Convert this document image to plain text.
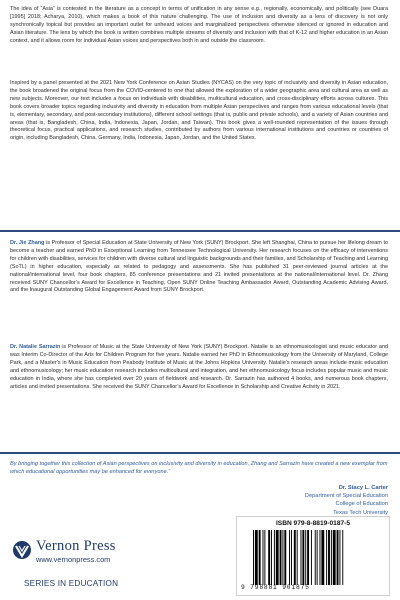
The idea of “Asia” is contested in the literature as a concept in terms of unification in any sense e.g., regionally, economically, and politically (see Duara [1995] 2018; Acharya, 2010), which makes a book of this nature challenging. The use of inclusion and diversity as a lens of discovery is not only synchronically topical but provides an important outlet for unheard voices and marginalized perspectives otherwise silenced or ignored in education and Asian literature. The lens by which the book is written combines multiple streams of diversity and inclusion with that of K-12 and higher education in an Asian context, and it allows room for individual Asian voices and perspectives both in and outside the classroom.

Inspired by a panel presented at the 2021 New York Conference on Asian Studies (NYCAS) on the very topic of inclusivity and diversity in Asian education, the book broadened the original focus from the COVID-centered to one that allowed the exploration of a wider geographic area and cultural area as well as new subjects. Moreover, our text includes a focus on individuals with disabilities, multicultural education, and cross-disciplinary efforts across cultures. This book covers broader topics regarding inclusivity and diversity in education from multiple Asian perspectives and ranges from various educational levels (that is, elementary, secondary, and post-secondary institutions), different school settings (that is, public and private schools), and a variety of Asian countries and areas (that is, Bangladesh, China, India, Indonesia, Japan, Jordan, and Taiwan). This book gives a well-rounded representation of the issues through theoretical focus, practical applications, and research studies, contributed by authors from various international institutions and countries or countries of origin, including Bangladesh, China, Germany, India, Indonesia, Japan, Jordan, and the United States.

Dr. Jie Zhang is Professor of Special Education at State University of New York (SUNY) Brockport. She left Shanghai, China to pursue her lifelong dream to become a teacher and earned PhD in Exceptional Learning from Tennessee Technological University. Her research focuses on the efficacy of interventions for children with disabilities, services for children with diverse cultural and linguistic backgrounds and their families, and Scholarship of Teaching and Learning (SoTL) in higher education, especially as related to pedagogy and assessments. She has published 31 peer-reviewed journal articles at the national/international level, four book chapters, 85 conference presentations and 21 invited presentations at the national/international level. Dr. Zhang received SUNY Chancellor’s Award for Excellence in Teaching, Open SUNY Online Teaching Ambassador Award, Outstanding Academic Advising Award, and the Inaugural Outstanding Global Engagement Award from SUNY Brockport.

Dr. Natalie Sarrazin is Professor of Music at the State University of New York (SUNY) Brockport. Natalie is an ethnomusicologist and music educator and was Interim Co-Director of the Arts for Children Program for five years. Natalie earned her PhD in Ethnomusicology from the University of Maryland, College Park, and a Master’s in Music Education from Peabody Institute of Music at the Johns Hopkins University. Natalie’s research areas include music education and ethnomusicology; her music education research includes multicultural and integration, and her ethnomusicology focus includes popular music and music education in India, where she has completed over 20 years of fieldwork and research. Dr. Sarrazin has authored 4 books, and numerous book chapters, articles and invited presentations. She received the SUNY Chancellor’s Award for Excellence in Scholarship and Creative Activity in 2021.

By bringing together this collection of Asian perspectives on inclusivity and diversity in education, Zhang and Sarrazin have created a new exemplar from which educational opportunities may be enhanced for everyone.”

Dr. Stacy L. Carter
Department of Special Education
College of Education
Texas Tech University
Vernon Press
www.vernonpress.com
SERIES IN EDUCATION
ISBN 979-8-8819-0187-5
9 798881 901875
